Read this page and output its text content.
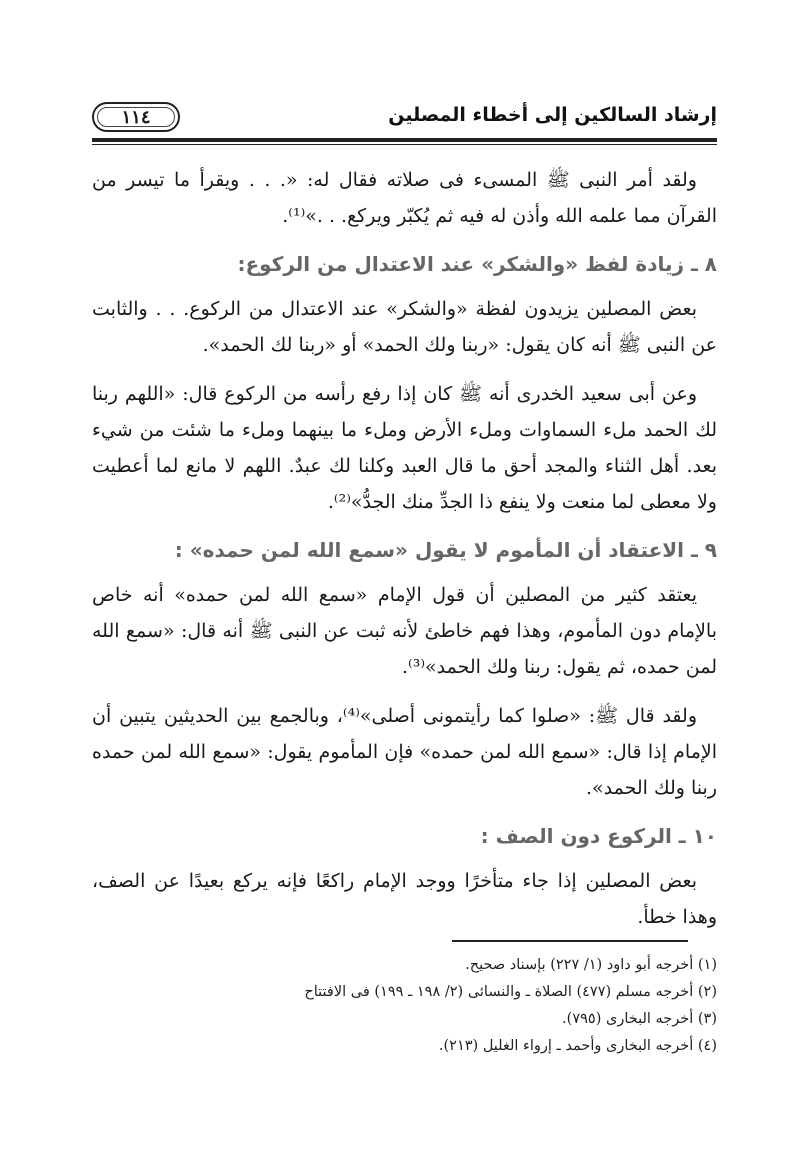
إرشاد السالكين إلى أخطاء المصلين
١١٤

ولقد أمر النبى ﷺ المسىء فى صلاته فقال له: «. . . ويقرأ ما تيسر من القرآن مما علمه الله وأذن له فيه ثم يُكبّر ويركع. . .»⁽¹⁾.

٨ ـ زيادة لفظ «والشكر» عند الاعتدال من الركوع:

بعض المصلين يزيدون لفظة «والشكر» عند الاعتدال من الركوع. . . والثابت عن النبى ﷺ أنه كان يقول: «ربنا ولك الحمد» أو «ربنا لك الحمد».

وعن أبى سعيد الخدرى أنه ﷺ كان إذا رفع رأسه من الركوع قال: «اللهم ربنا لك الحمد ملء السماوات وملء الأرض وملء ما بينهما وملء ما شئت من شيء بعد. أهل الثناء والمجد أحق ما قال العبد وكلنا لك عبدٌ. اللهم لا مانع لما أعطيت ولا معطى لما منعت ولا ينفع ذا الجدِّ منك الجدُّ»⁽²⁾.

٩ ـ الاعتقاد أن المأموم لا يقول «سمع الله لمن حمده» :

يعتقد كثير من المصلين أن قول الإمام «سمع الله لمن حمده» أنه خاص بالإمام دون المأموم، وهذا فهم خاطئ لأنه ثبت عن النبى ﷺ أنه قال: «سمع الله لمن حمده، ثم يقول: ربنا ولك الحمد»⁽³⁾.

ولقد قال ﷺ: «صلوا كما رأيتمونى أصلى»⁽⁴⁾، وبالجمع بين الحديثين يتبين أن الإمام إذا قال: «سمع الله لمن حمده» فإن المأموم يقول: «سمع الله لمن حمده ربنا ولك الحمد».

١٠ ـ الركوع دون الصف :

بعض المصلين إذا جاء متأخرًا ووجد الإمام راكعًا فإنه يركع بعيدًا عن الصف، وهذا خطأ.

(١) أخرجه أبو داود (١/ ٢٢٧) بإسناد صحيح.
(٢) أخرجه مسلم (٤٧٧) الصلاة ـ والنسائى (٢/ ١٩٨ ـ ١٩٩) فى الافتتاح
(٣) أخرجه البخارى (٧٩٥).
(٤) أخرجه البخارى وأحمد ـ إرواء الغليل (٢١٣).
